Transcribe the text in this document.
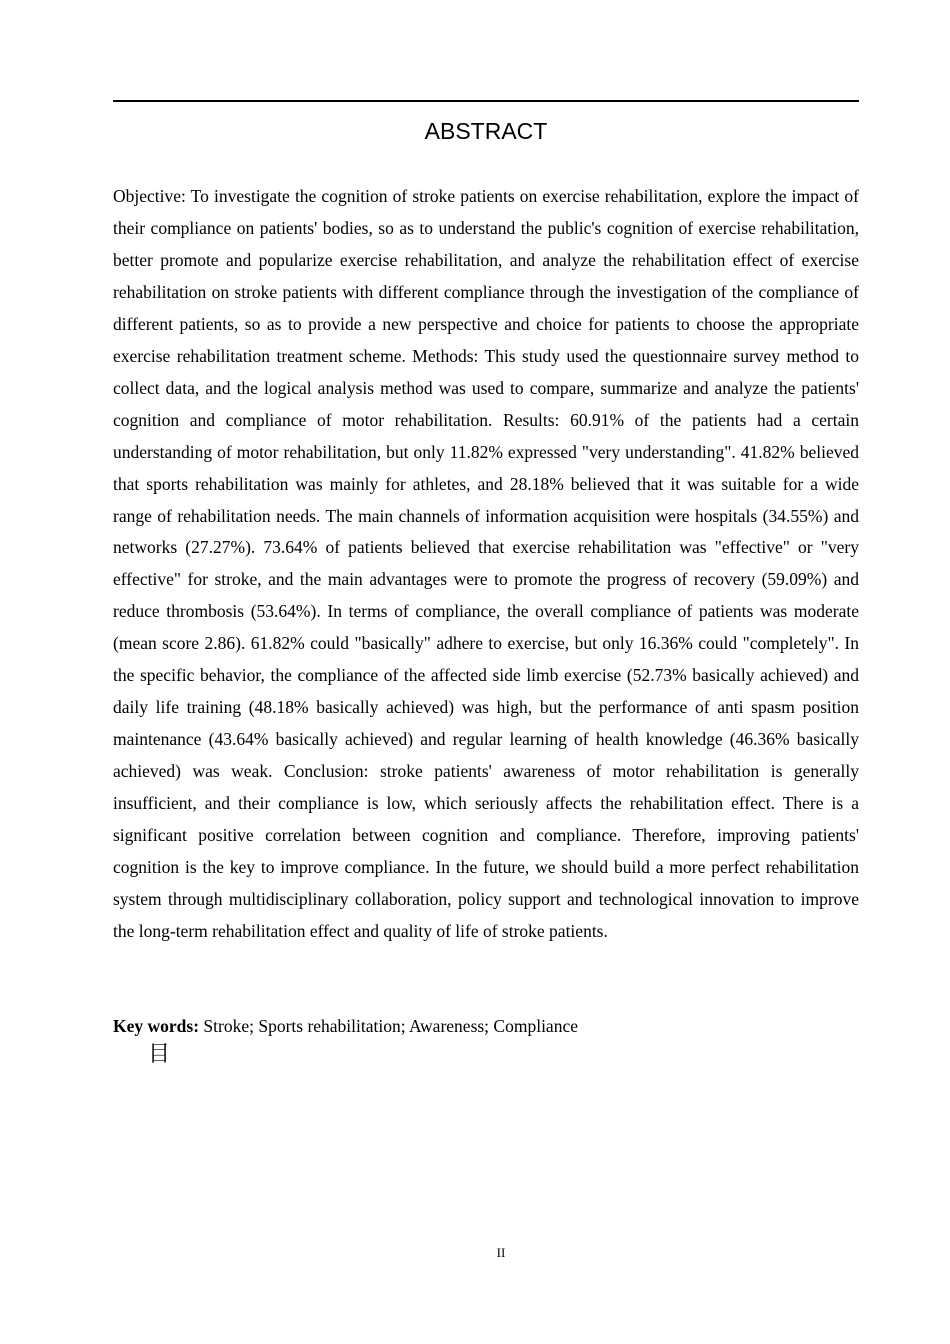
ABSTRACT

Objective: To investigate the cognition of stroke patients on exercise rehabilitation, explore the impact of their compliance on patients' bodies, so as to understand the public's cognition of exercise rehabilitation, better promote and popularize exercise rehabilitation, and analyze the rehabilitation effect of exercise rehabilitation on stroke patients with different compliance through the investigation of the compliance of different patients, so as to provide a new perspective and choice for patients to choose the appropriate exercise rehabilitation treatment scheme. Methods: This study used the questionnaire survey method to collect data, and the logical analysis method was used to compare, summarize and analyze the patients' cognition and compliance of motor rehabilitation. Results: 60.91% of the patients had a certain understanding of motor rehabilitation, but only 11.82% expressed "very understanding". 41.82% believed that sports rehabilitation was mainly for athletes, and 28.18% believed that it was suitable for a wide range of rehabilitation needs. The main channels of information acquisition were hospitals (34.55%) and networks (27.27%). 73.64% of patients believed that exercise rehabilitation was "effective" or "very effective" for stroke, and the main advantages were to promote the progress of recovery (59.09%) and reduce thrombosis (53.64%). In terms of compliance, the overall compliance of patients was moderate (mean score 2.86). 61.82% could "basically" adhere to exercise, but only 16.36% could "completely". In the specific behavior, the compliance of the affected side limb exercise (52.73% basically achieved) and daily life training (48.18% basically achieved) was high, but the performance of anti spasm position maintenance (43.64% basically achieved) and regular learning of health knowledge (46.36% basically achieved) was weak. Conclusion: stroke patients' awareness of motor rehabilitation is generally insufficient, and their compliance is low, which seriously affects the rehabilitation effect. There is a significant positive correlation between cognition and compliance. Therefore, improving patients' cognition is the key to improve compliance. In the future, we should build a more perfect rehabilitation system through multidisciplinary collaboration, policy support and technological innovation to improve the long-term rehabilitation effect and quality of life of stroke patients.

Key words: Stroke; Sports rehabilitation; Awareness; Compliance

目
II
